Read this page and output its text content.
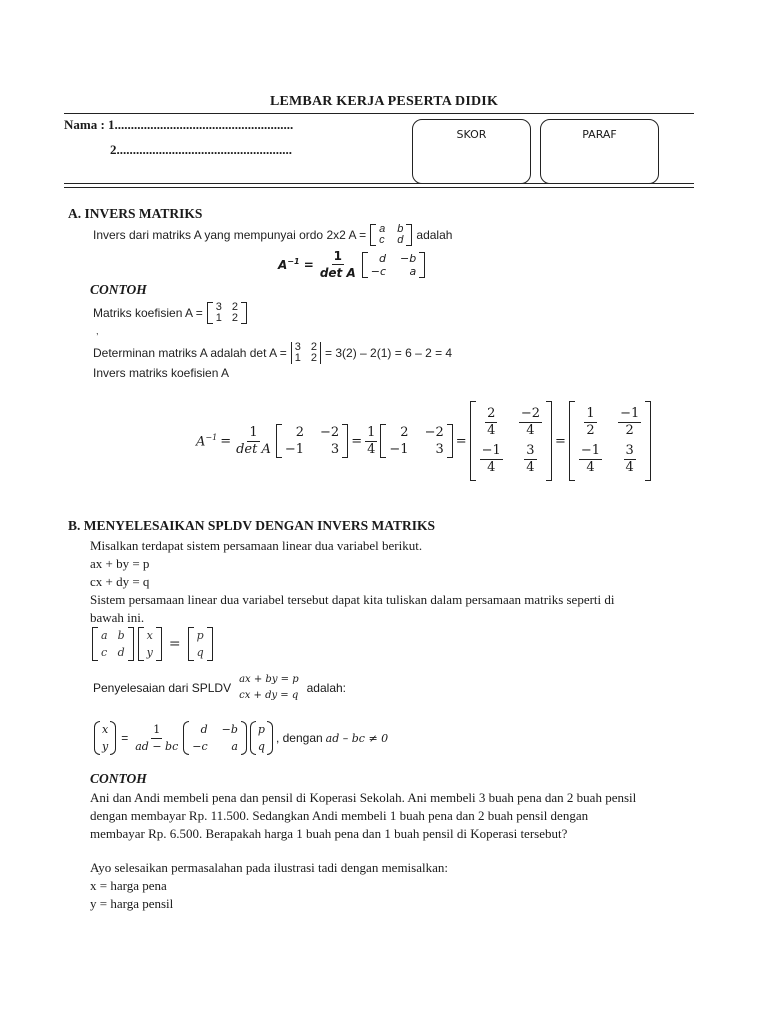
LEMBAR KERJA PESERTA DIDIK
Nama : 1.......................................................
2......................................................
SKOR	PARAF
A. INVERS MATRIKS
Invers dari matriks A yang mempunyai ordo 2x2 A = a b
c d adalah
$A^{-1} = \frac{1}{\text{det A}}$	d −b
−c	a
CONTOH
Matriks koefisien A = 3 2
1 2
,
Determinan matriks A adalah det A = 3 2
1 2 = 3(2) – 2(1) = 6 – 2 = 4
Invers matriks koefisien A
$A^{-1} = \frac{1}{\text{det A}}$	2 −2
−1	3
= $\frac{1}{4}$	2 −2
−1	3
=
$\frac{2}{4} \frac{-2}{4}$
$\frac{-1}{4} \frac{3}{4}$
=
$\frac{1}{2} \frac{-1}{2}$
$\frac{-1}{4} \frac{3}{4}$
B. MENYELESAIKAN SPLDV DENGAN INVERS MATRIKS
Misalkan terdapat sistem persamaan linear dua variabel berikut.
ax + by = p
cx + dy = q
Sistem persamaan linear dua variabel tersebut dapat kita tuliskan dalam persamaan matriks seperti di
bawah ini.
a b
c d
x
y
=
p
q
Penyelesaian dari SPLDV
ax + by = p
cx + dy = q
adalah:
x
y
= $\frac{1}{ad - bc}$	d −b
−c	a
p
q
, dengan ad – bc ≠ 0
CONTOH
Ani dan Andi membeli pena dan pensil di Koperasi Sekolah. Ani membeli 3 buah pena dan 2 buah pensil
dengan membayar Rp. 11.500. Sedangkan Andi membeli 1 buah pena dan 2 buah pensil dengan
membayar Rp. 6.500. Berapakah harga 1 buah pena dan 1 buah pensil di Koperasi tersebut?
Ayo selesaikan permasalahan pada ilustrasi tadi dengan memisalkan:
x = harga pena
y = harga pensil
